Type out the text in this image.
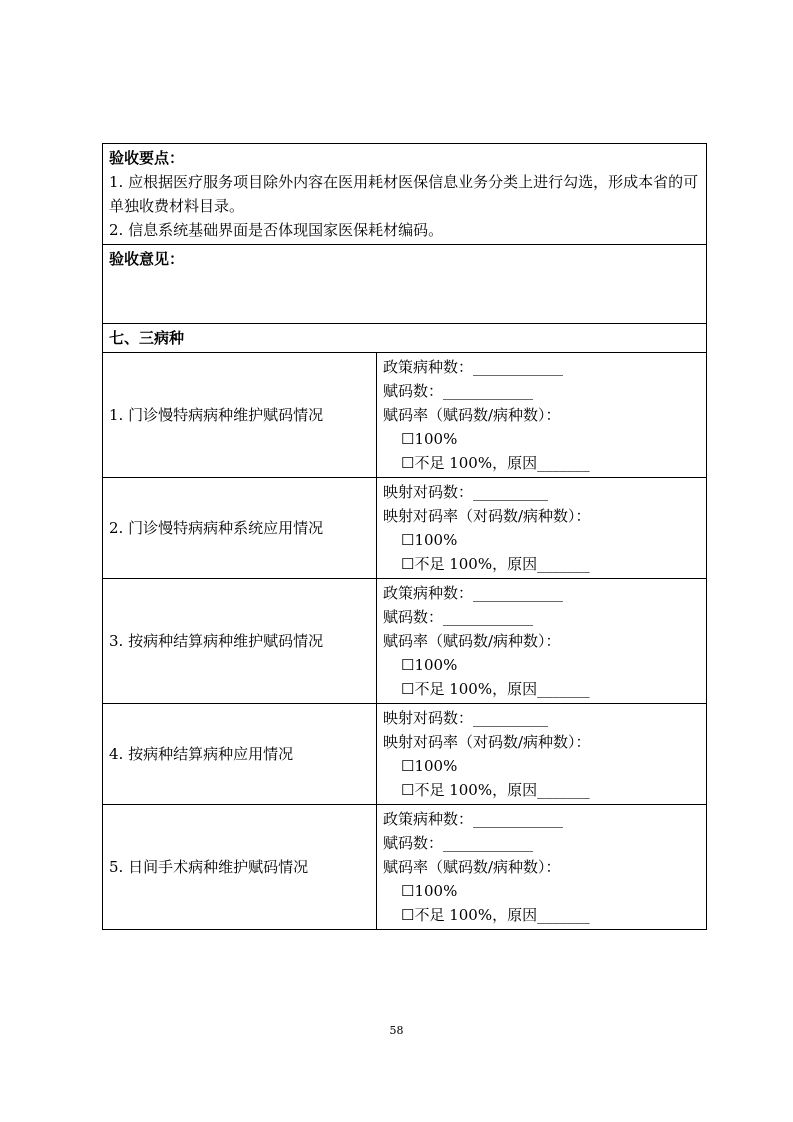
验收要点：
1. 应根据医疗服务项目除外内容在医用耗材医保信息业务分类上进行勾选，形成本省的可单独收费材料目录。
2. 信息系统基础界面是否体现国家医保耗材编码。	

验收意见：	

七、三病种	
1. 门诊慢特病病种维护赋码情况	政策病种数：____________
赋码数：____________
赋码率（赋码数/病种数）：
☐100%
☐不足 100%，原因_______

2. 门诊慢特病病种系统应用情况	映射对码数：__________
映射对码率（对码数/病种数）：
☐100%
☐不足 100%，原因_______

3. 按病种结算病种维护赋码情况	政策病种数：____________
赋码数：____________
赋码率（赋码数/病种数）：
☐100%
☐不足 100%，原因_______

4. 按病种结算病种应用情况	映射对码数：__________
映射对码率（对码数/病种数）：
☐100%
☐不足 100%，原因_______

5. 日间手术病种维护赋码情况	政策病种数：____________
赋码数：____________
赋码率（赋码数/病种数）：
☐100%
☐不足 100%，原因_______
58
